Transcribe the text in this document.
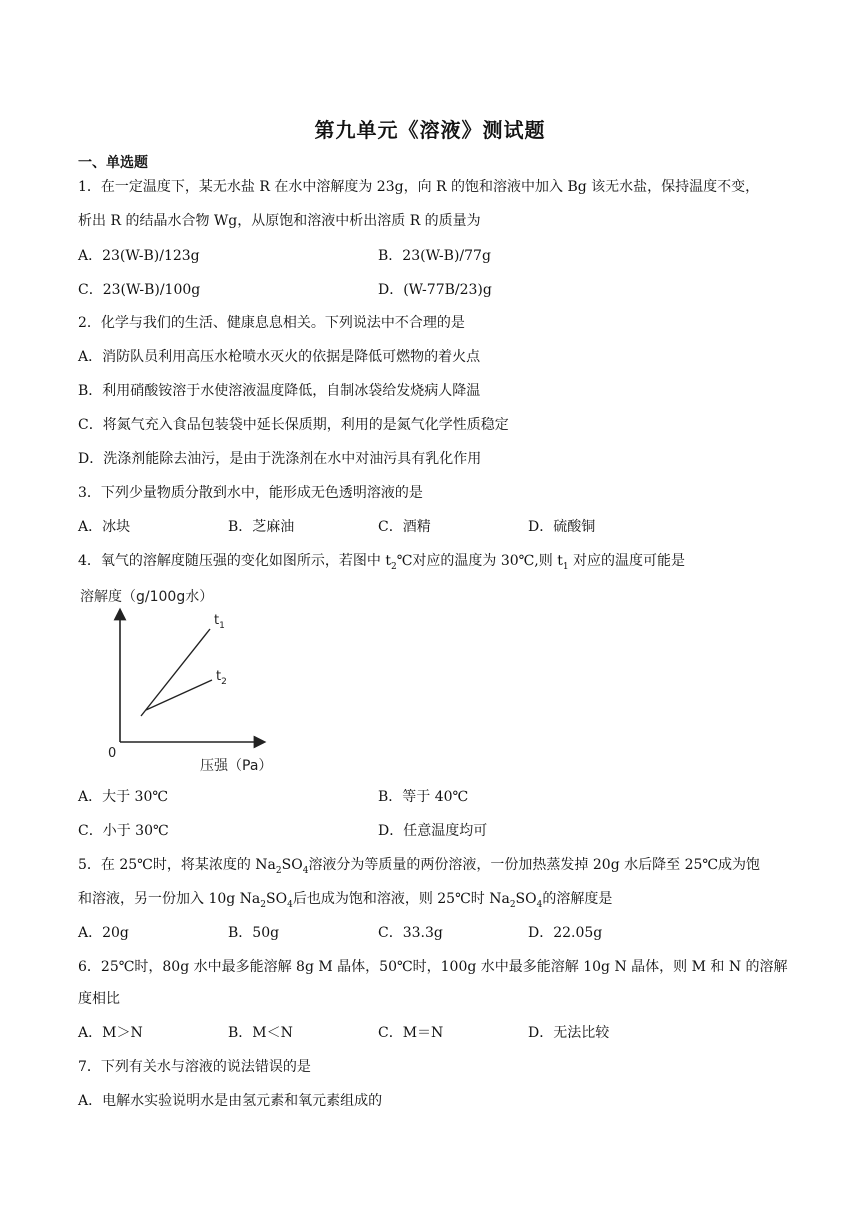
第九单元《溶液》测试题
一、单选题
1．在一定温度下，某无水盐 R 在水中溶解度为 23g，向 R 的饱和溶液中加入 Bg 该无水盐，保持温度不变，
析出 R 的结晶水合物 Wg，从原饱和溶液中析出溶质 R 的质量为
A．23(W-B)/123g	B．23(W-B)/77g
C．23(W-B)/100g	D．(W-77B/23)g
2．化学与我们的生活、健康息息相关。下列说法中不合理的是
A．消防队员利用高压水枪喷水灭火的依据是降低可燃物的着火点
B．利用硝酸铵溶于水使溶液温度降低，自制冰袋给发烧病人降温
C．将氮气充入食品包装袋中延长保质期，利用的是氮气化学性质稳定
D．洗涤剂能除去油污，是由于洗涤剂在水中对油污具有乳化作用
3．下列少量物质分散到水中，能形成无色透明溶液的是
A．冰块	B．芝麻油	C．酒精	D．硫酸铜
4．氧气的溶解度随压强的变化如图所示，若图中 $t_2℃$对应的温度为 30℃,则 $t_1$ 对应的温度可能是
溶解度（g/100g水）
0
$t_1$
$t_2$
压强（Pa）
A．大于 30℃	B．等于 40℃
C．小于 30℃	D．任意温度均可
5．在 25℃时，将某浓度的 $Na_2SO_4$溶液分为等质量的两份溶液，一份加热蒸发掉 20g 水后降至 25℃成为饱
和溶液，另一份加入 10g $Na_2SO_4$后也成为饱和溶液，则 25℃时 $Na_2SO_4$的溶解度是
A．20g	B．50g	C．33.3g	D．22.05g
6．25℃时，80g 水中最多能溶解 8g M 晶体，50℃时，100g 水中最多能溶解 10g N 晶体，则 M 和 N 的溶解
度相比
A．M＞N	B．M＜N	C．M＝N	D．无法比较
7．下列有关水与溶液的说法错误的是
A．电解水实验说明水是由氢元素和氧元素组成的
